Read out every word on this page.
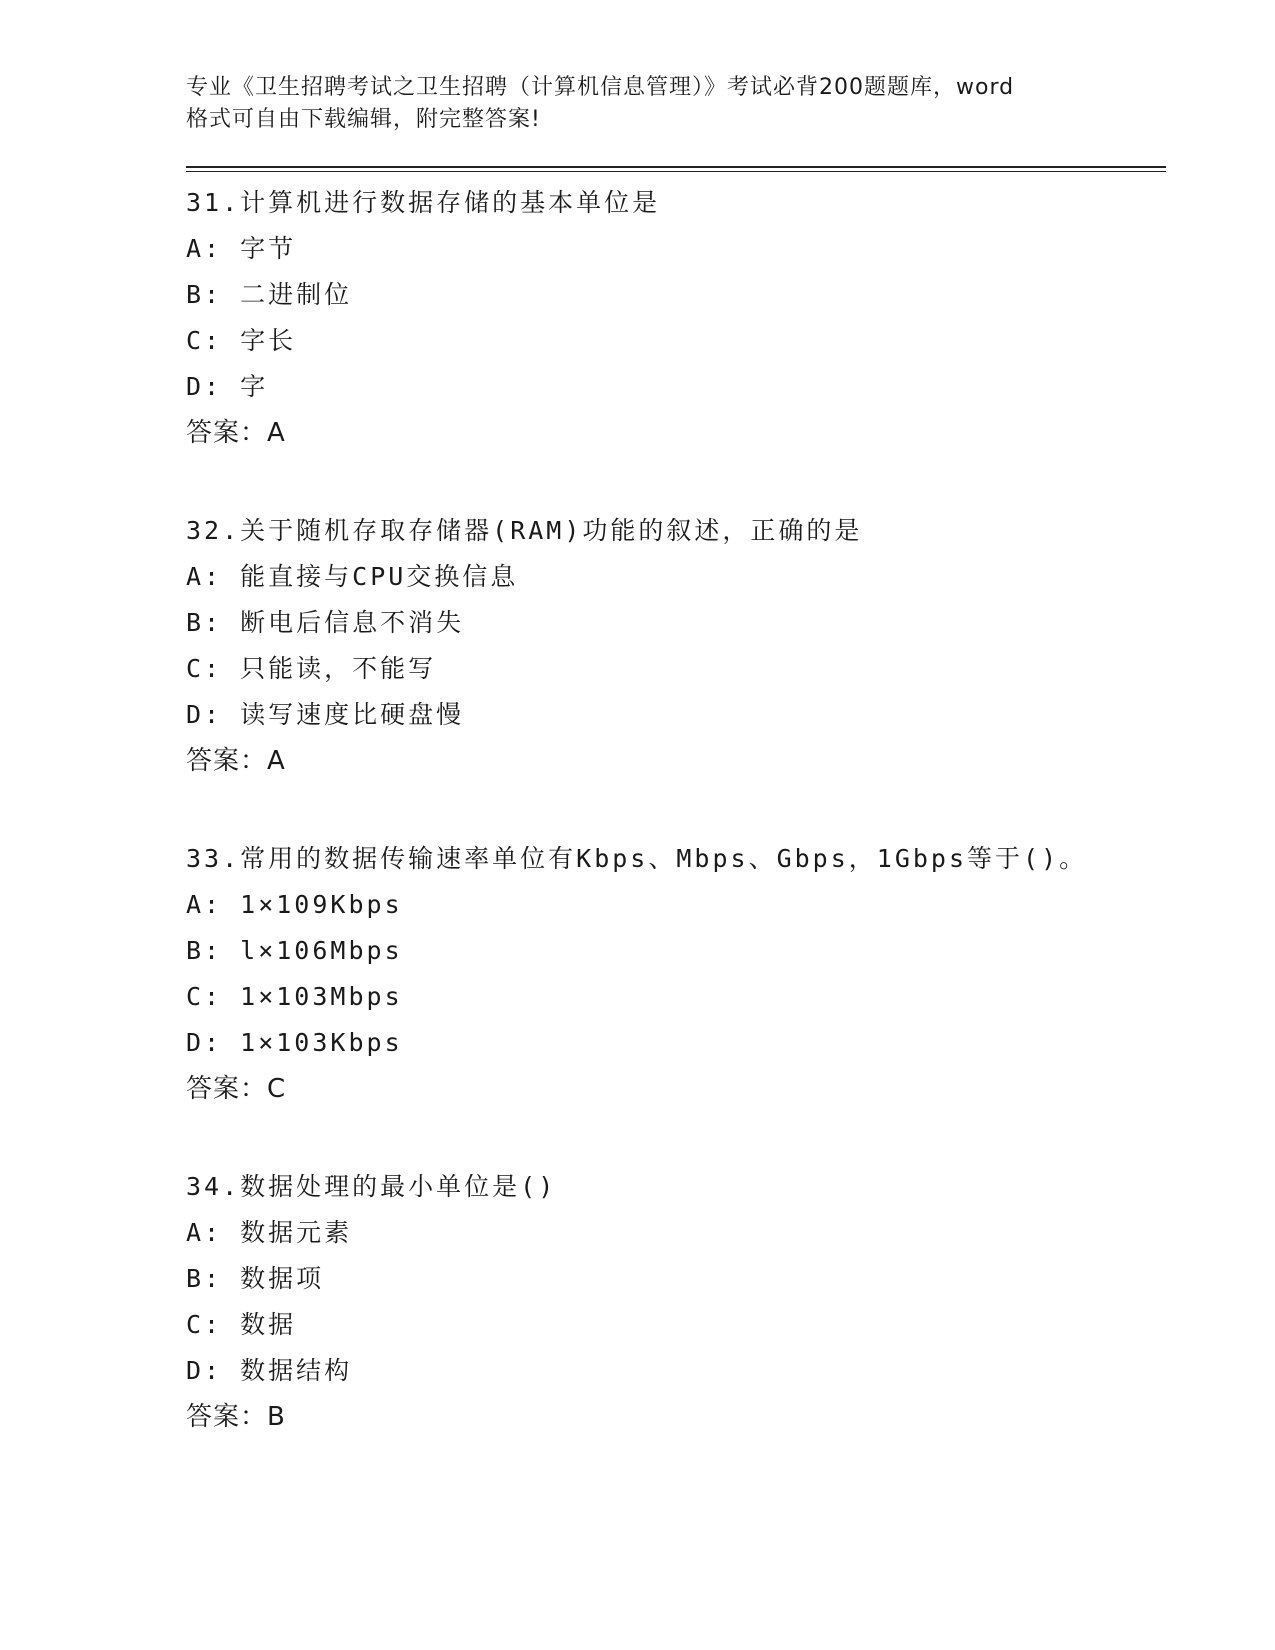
专业《卫生招聘考试之卫生招聘（计算机信息管理）》考试必背200题题库，word
格式可自由下载编辑，附完整答案!
31.计算机进行数据存储的基本单位是
A: 字节
B: 二进制位
C: 字长
D: 字
答案：A
32.关于随机存取存储器(RAM)功能的叙述，正确的是
A: 能直接与CPU交换信息
B: 断电后信息不消失
C: 只能读，不能写
D: 读写速度比硬盘慢
答案：A
33.常用的数据传输速率单位有Kbps、Mbps、Gbps，1Gbps等于()。
A: 1×109Kbps
B: l×106Mbps
C: 1×103Mbps
D: 1×103Kbps
答案：C
34.数据处理的最小单位是()
A: 数据元素
B: 数据项
C: 数据
D: 数据结构
答案：B
